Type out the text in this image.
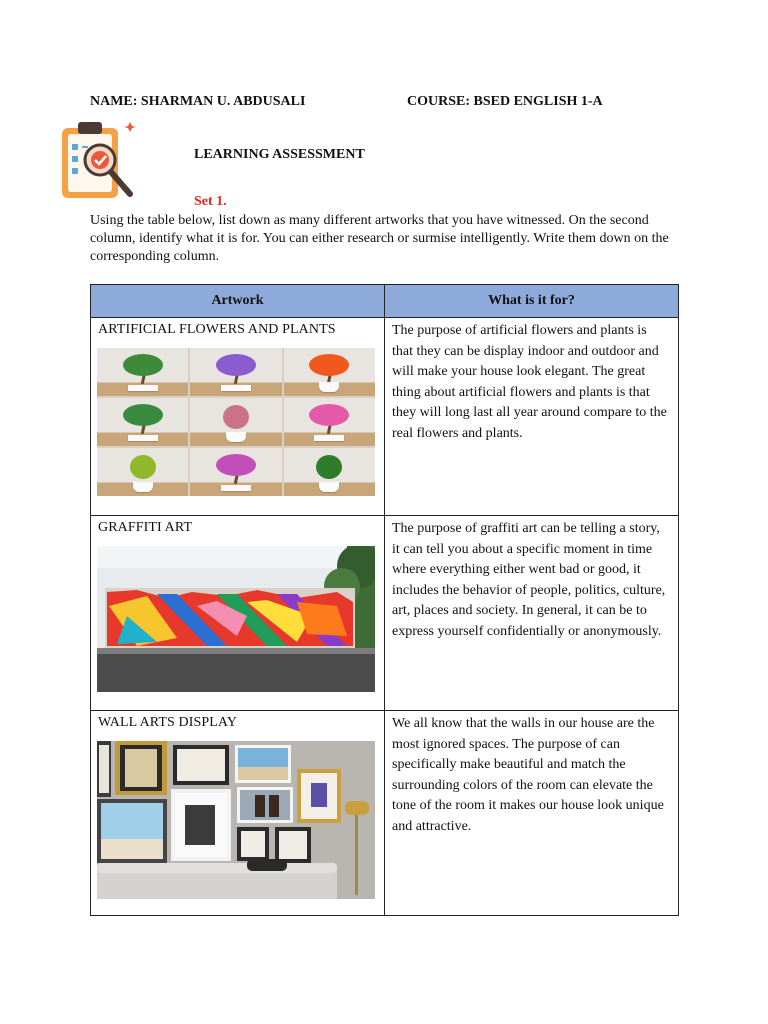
NAME: SHARMAN U. ABDUSALI	COURSE: BSED ENGLISH 1-A
LEARNING ASSESSMENT
Set 1.
Using the table below, list down as many different artworks that you have witnessed. On the second column, identify what it is for. You can either research or surmise intelligently. Write them down on the corresponding column.
Artwork	What is it for?

ARTIFICIAL FLOWERS AND PLANTS	The purpose of artificial flowers and plants is that they can be display indoor and outdoor and will make your house look elegant. The great thing about artificial flowers and plants is that they will long last all year around compare to the real flowers and plants.

GRAFFITI ART	The purpose of graffiti art can be telling a story, it can tell you about a specific moment in time where everything either went bad or good, it includes the behavior of people, politics, culture, art, places and society. In general, it can be to express yourself confidentially or anonymously.

WALL ARTS DISPLAY	We all know that the walls in our house are the most ignored spaces. The purpose of can specifically make beautiful and match the surrounding colors of the room can elevate the tone of the room it makes our house look unique and attractive.
